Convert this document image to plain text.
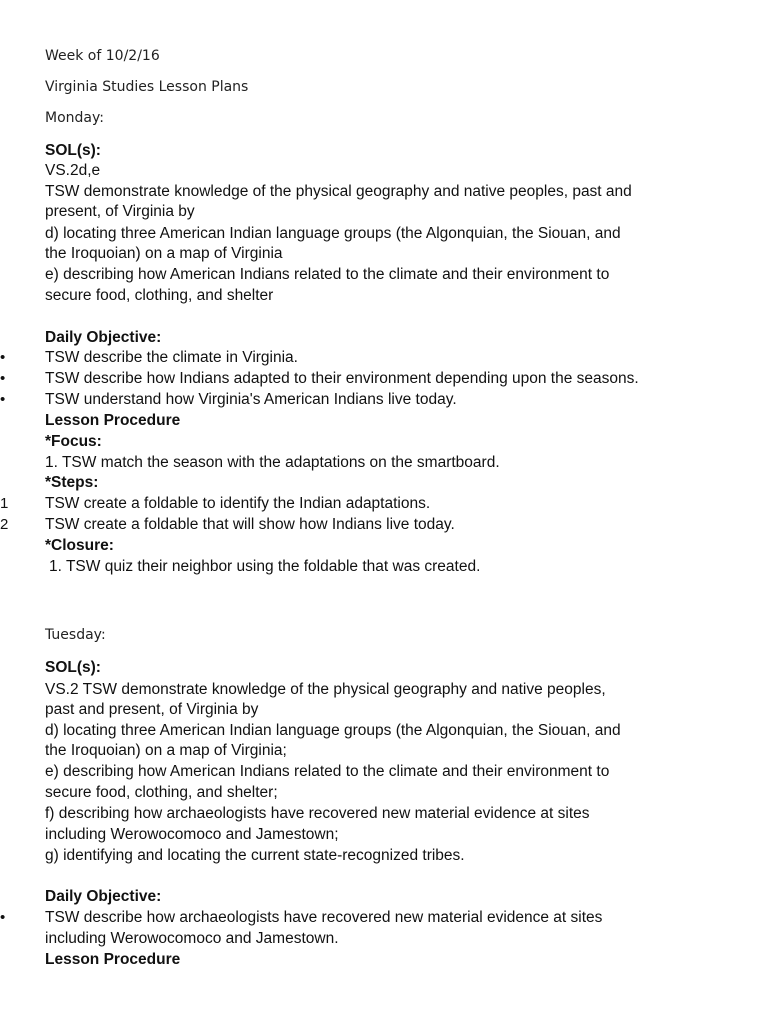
Week of 10/2/16
Virginia Studies Lesson Plans
Monday:
SOL(s):
VS.2d,e
TSW demonstrate knowledge of the physical geography and native peoples, past and
present, of Virginia by
d) locating three American Indian language groups (the Algonquian, the Siouan, and
the Iroquoian) on a map of Virginia
e) describing how American Indians related to the climate and their environment to
secure food, clothing, and shelter
Daily Objective:
•	TSW describe the climate in Virginia.
•	TSW describe how Indians adapted to their environment depending upon the seasons.
•	TSW understand how Virginia's American Indians live today.
Lesson Procedure
*Focus:
1. TSW match the season with the adaptations on the smartboard.
*Steps:
1 TSW create a foldable to identify the Indian adaptations.
2 TSW create a foldable that will show how Indians live today.
*Closure:
1. TSW quiz their neighbor using the foldable that was created.
Tuesday:
SOL(s):
VS.2 TSW demonstrate knowledge of the physical geography and native peoples,
past and present, of Virginia by
d) locating three American Indian language groups (the Algonquian, the Siouan, and
the Iroquoian) on a map of Virginia;
e) describing how American Indians related to the climate and their environment to
secure food, clothing, and shelter;
f) describing how archaeologists have recovered new material evidence at sites
including Werowocomoco and Jamestown;
g) identifying and locating the current state-recognized tribes.
Daily Objective:
•	TSW describe how archaeologists have recovered new material evidence at sites
including Werowocomoco and Jamestown.
Lesson Procedure
